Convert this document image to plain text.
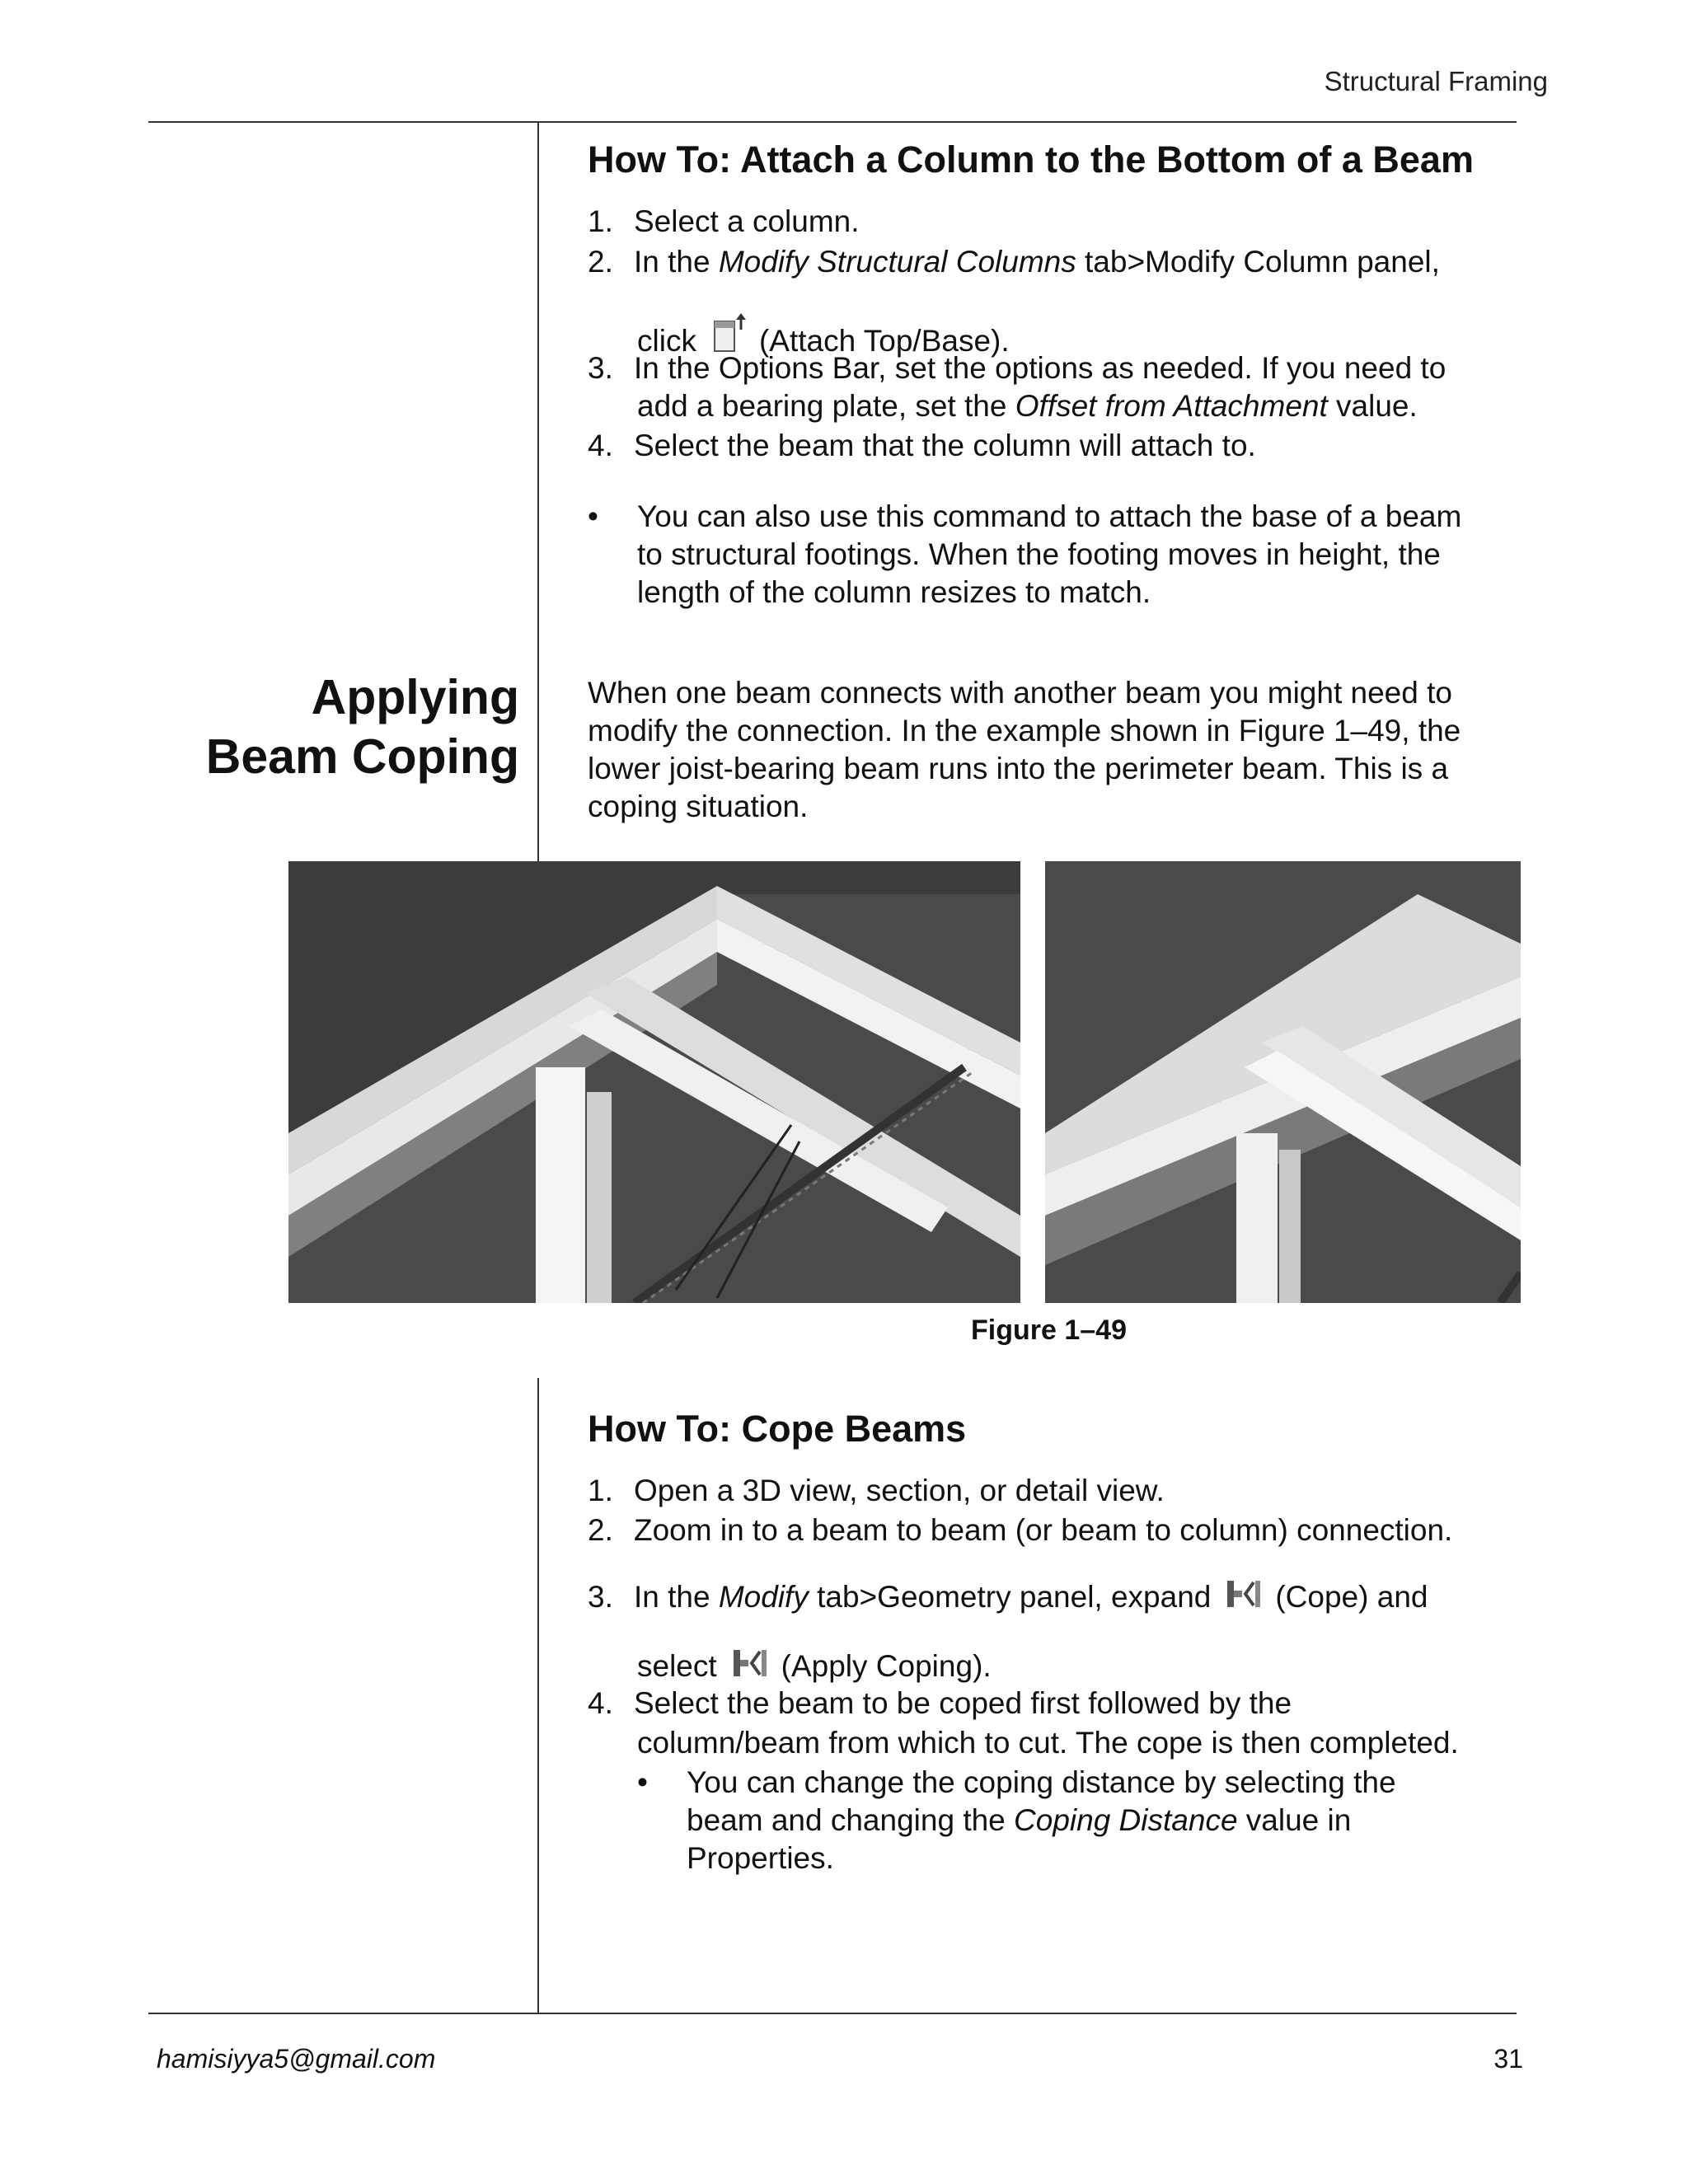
Structural Framing
How To: Attach a Column to the Bottom of a Beam
1. Select a column.
2. In the Modify Structural Columns tab>Modify Column panel,
click (Attach Top/Base).
3. In the Options Bar, set the options as needed. If you need to
add a bearing plate, set the Offset from Attachment value.
4. Select the beam that the column will attach to.
• You can also use this command to attach the base of a beam
to structural footings. When the footing moves in height, the
length of the column resizes to match.
Applying
Beam Coping
When one beam connects with another beam you might need to
modify the connection. In the example shown in Figure 1–49, the
lower joist-bearing beam runs into the perimeter beam. This is a
coping situation.
Figure 1–49
How To: Cope Beams
1. Open a 3D view, section, or detail view.
2. Zoom in to a beam to beam (or beam to column) connection.
3. In the Modify tab>Geometry panel, expand (Cope) and
select (Apply Coping).
4. Select the beam to be coped first followed by the
column/beam from which to cut. The cope is then completed.
• You can change the coping distance by selecting the
beam and changing the Coping Distance value in
Properties.
hamisiyya5@gmail.com	31
